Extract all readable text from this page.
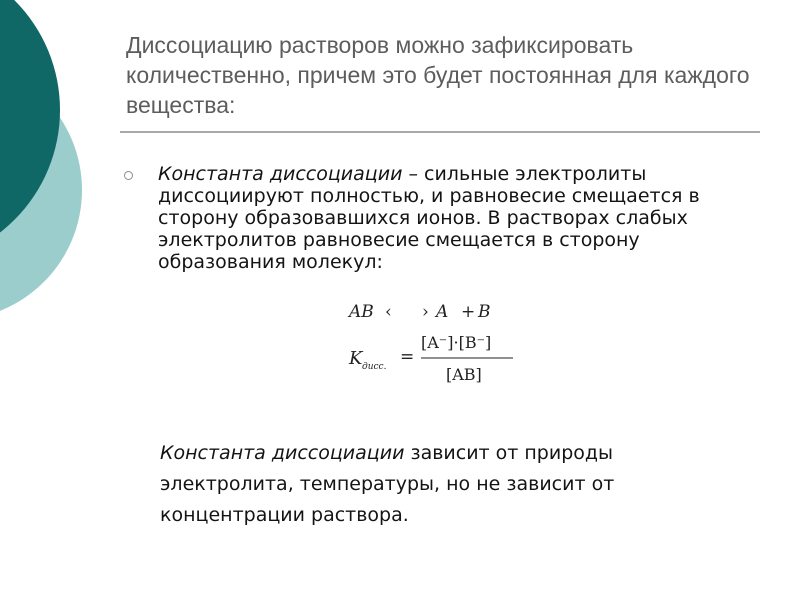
Диссоциацию растворов можно зафиксировать количественно, причем это будет постоянная для каждого вещества:

Константа диссоциации – сильные электролиты диссоциируют полностью, и равновесие смещается в сторону образовавшихся ионов. В растворах слабых электролитов равновесие смещается в сторону образования молекул:

AB ‹ › A + B
K дисс. =
[A⁻]·[B⁻]
[AB]

Константа диссоциации зависит от природы электролита, температуры, но не зависит от концентрации раствора.
